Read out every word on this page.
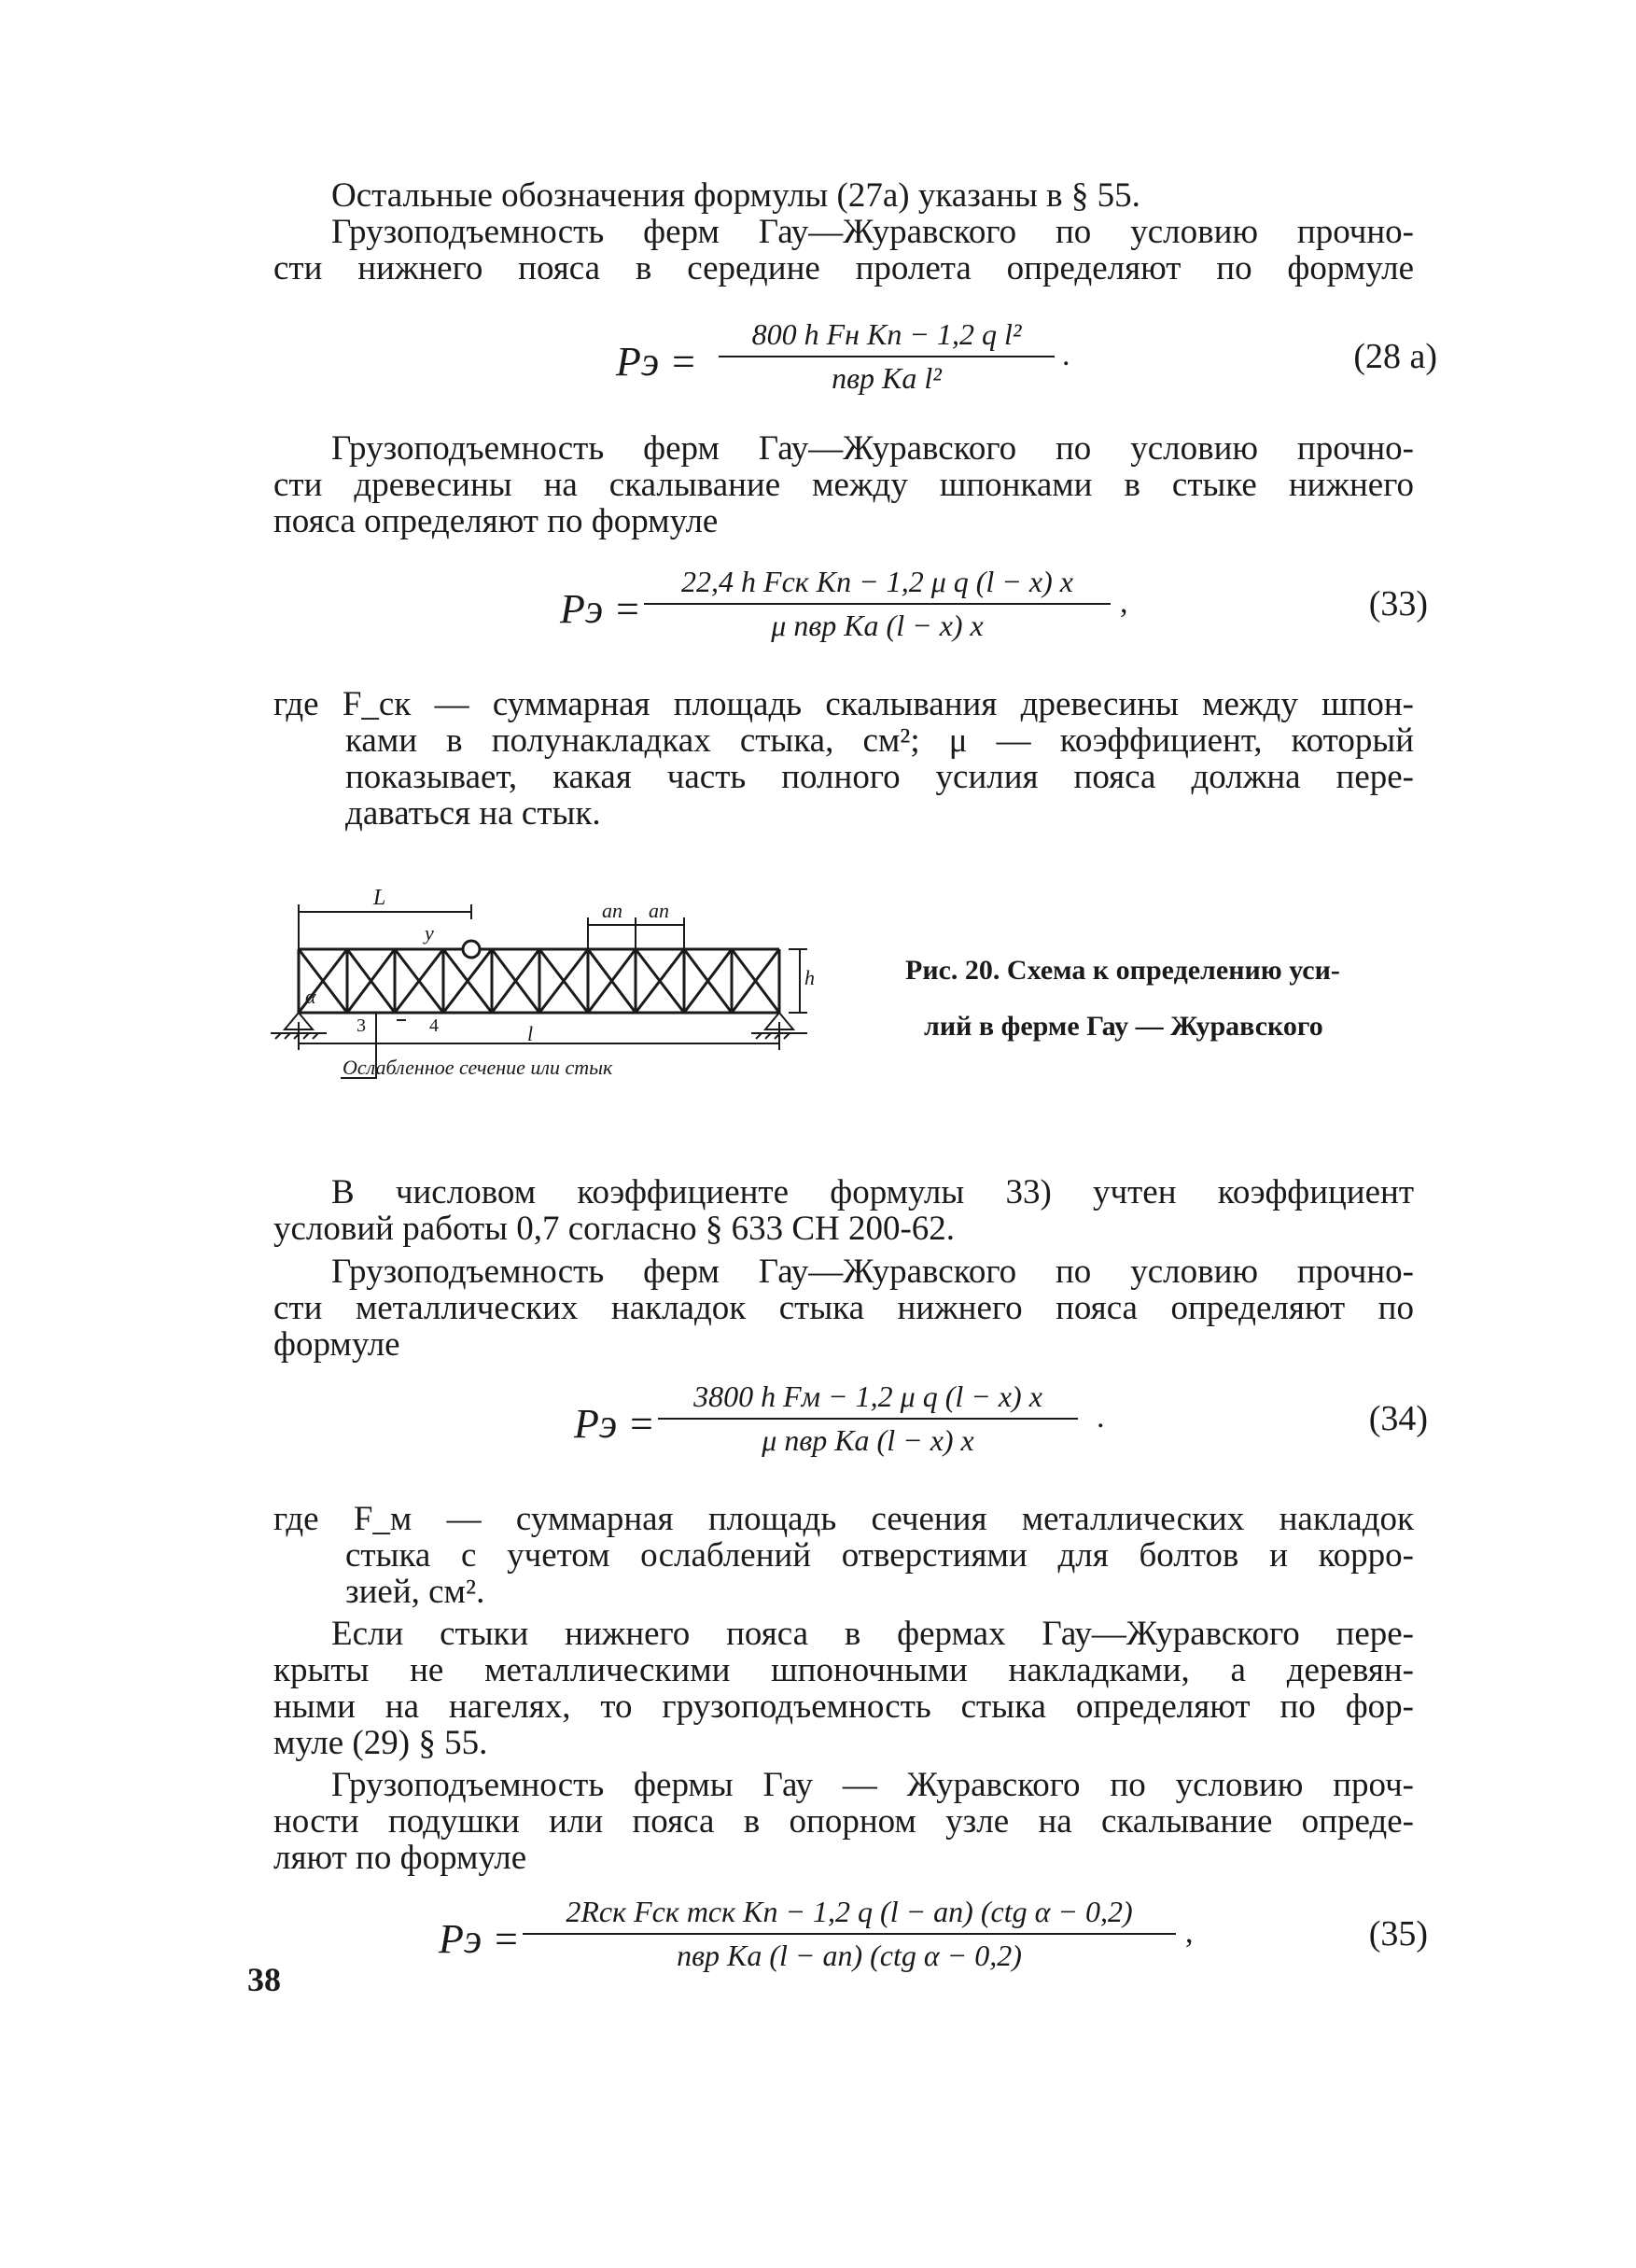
Остальные обозначения формулы (27а) указаны в § 55.
Грузоподъемность ферм Гау—Журавского по условию прочно-
сти нижнего пояса в середине пролета определяют по формуле
Pэ =
800 h Fн Kп − 1,2 q l²
nвр Ka l²
.	(28 а)
Грузоподъемность ферм Гау—Журавского по условию прочно-
сти древесины на скалывание между шпонками в стыке нижнего
пояса определяют по формуле
Pэ =
22,4 h Fск Kп − 1,2 μ q (l − x) x
μ nвр Ka (l − x) x
,	(33)
где F_ск — суммарная площадь скалывания древесины между шпон-
ками в полунакладках стыка, см²; μ — коэффициент, который
показывает, какая часть полного усилия пояса должна пере-
даваться на стык.
L
aп aп
y
h
α
3	4	l
Ослабленное сечение или стык
Рис. 20. Схема к определению уси-
лий в ферме Гау — Журавского
В числовом коэффициенте формулы 33) учтен коэффициент
условий работы 0,7 согласно § 633 СН 200-62.
Грузоподъемность ферм Гау—Журавского по условию прочно-
сти металлических накладок стыка нижнего пояса определяют по
формуле
Pэ =
3800 h Fм − 1,2 μ q (l − x) x
μ nвр Ka (l − x) x
.	(34)
где F_м — суммарная площадь сечения металлических накладок
стыка с учетом ослаблений отверстиями для болтов и корро-
зией, см².
Если стыки нижнего пояса в фермах Гау—Журавского пере-
крыты не металлическими шпоночными накладками, а деревян-
ными на нагелях, то грузоподъемность стыка определяют по фор-
муле (29) § 55.
Грузоподъемность фермы Гау — Журавского по условию проч-
ности подушки или пояса в опорном узле на скалывание опреде-
ляют по формуле
Pэ =
2Rск Fск mск Kп − 1,2 q (l − aп) (ctg α − 0,2)
nвр Ka (l − aп) (ctg α − 0,2)
,	(35)
38
